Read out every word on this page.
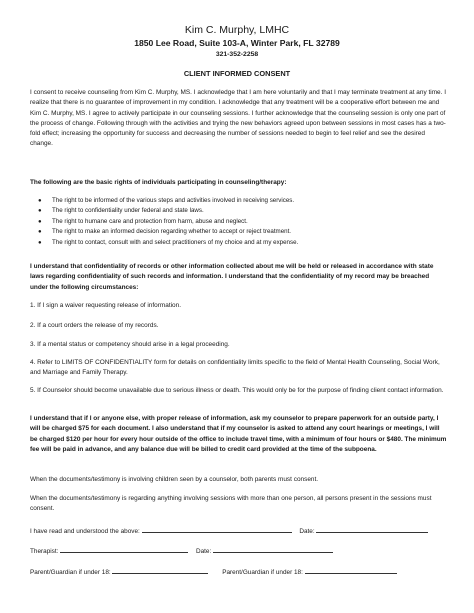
Kim C. Murphy, LMHC
1850 Lee Road, Suite 103-A, Winter Park, FL 32789
321-352-2258
CLIENT INFORMED CONSENT
I consent to receive counseling from Kim C. Murphy, MS. I acknowledge that I am here voluntarily and that I may terminate treatment at any time. I realize that there is no guarantee of improvement in my condition. I acknowledge that any treatment will be a cooperative effort between me and Kim C. Murphy, MS. I agree to actively participate in our counseling sessions. I further acknowledge that the counseling session is only one part of the process of change. Following through with the activities and trying the new behaviors agreed upon between sessions in most cases has a two-fold effect; increasing the opportunity for success and decreasing the number of sessions needed to begin to feel relief and see the desired change.
The following are the basic rights of individuals participating in counseling/therapy:
● The right to be informed of the various steps and activities involved in receiving services.
● The right to confidentiality under federal and state laws.
● The right to humane care and protection from harm, abuse and neglect.
● The right to make an informed decision regarding whether to accept or reject treatment.
● The right to contact, consult with and select practitioners of my choice and at my expense.
I understand that confidentiality of records or other information collected about me will be held or released in accordance with state laws regarding confidentiality of such records and information. I understand that the confidentiality of my record may be breached under the following circumstances:
1. If I sign a waiver requesting release of information.
2. If a court orders the release of my records.
3. If a mental status or competency should arise in a legal proceeding.
4. Refer to LIMITS OF CONFIDENTIALITY form for details on confidentiality limits specific to the field of Mental Health Counseling, Social Work, and Marriage and Family Therapy.
5. If Counselor should become unavailable due to serious illness or death. This would only be for the purpose of finding client contact information.
I understand that if I or anyone else, with proper release of information, ask my counselor to prepare paperwork for an outside party, I will be charged $75 for each document. I also understand that if my counselor is asked to attend any court hearings or meetings, I will be charged $120 per hour for every hour outside of the office to include travel time, with a minimum of four hours or $480. The minimum fee will be paid in advance, and any balance due will be billed to credit card provided at the time of the subpoena.
When the documents/testimony is involving children seen by a counselor, both parents must consent.
When the documents/testimony is regarding anything involving sessions with more than one person, all persons present in the sessions must consent.
I have read and understood the above:	Date:
Therapist:	Date:
Parent/Guardian if under 18:	Parent/Guardian if under 18:
